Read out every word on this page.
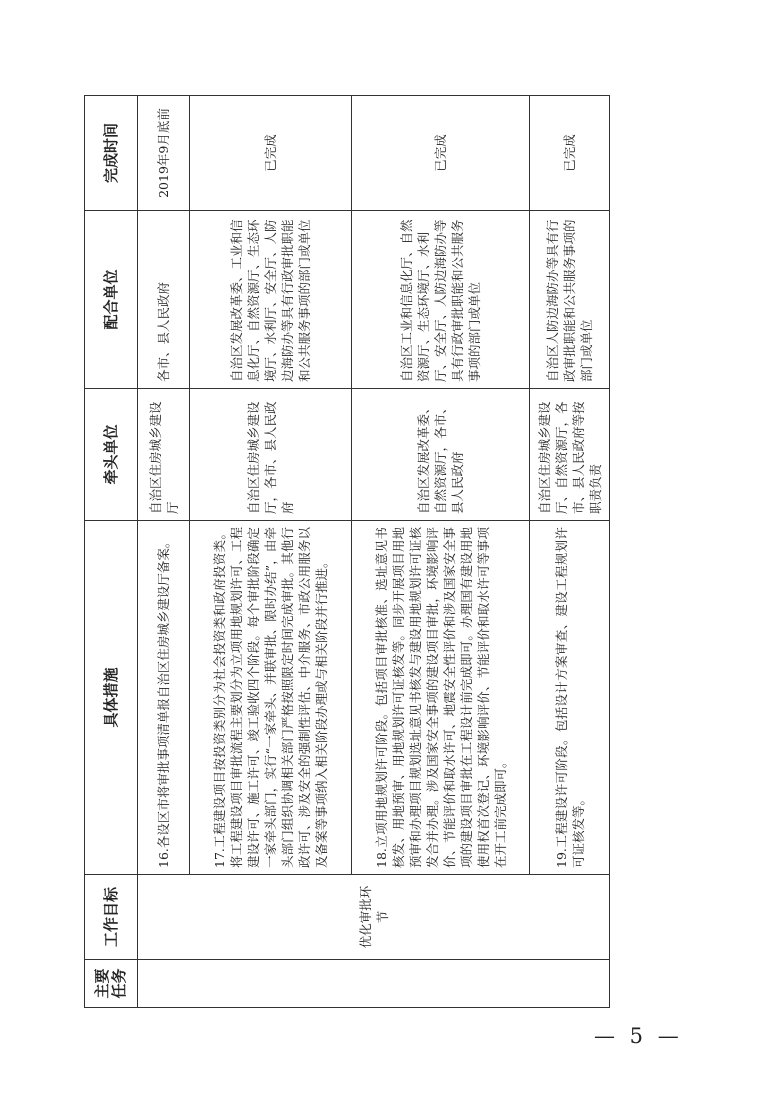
主要任务	工作目标	具体措施	牵头单位	配合单位	完成时间
	优化审批环节	16.各设区市将审批事项清单报自治区住房城乡建设厅备案。	自治区住房城乡建设厅	各市、县人民政府	2019年9月底前
		17.工程建设项目按投资类别分为社会投资类和政府投资类。将工程建设项目审批流程主要划分为立项用地规划许可、工程建设许可、施工许可、竣工验收四个阶段。每个审批阶段确定一家牵头部门，实行“一家牵头、并联审批、限时办结”，由牵头部门组织协调相关部门严格按照限定时间完成审批。其他行政许可、涉及安全的强制性评估、中介服务、市政公用服务以及备案等事项纳入相关阶段办理或与相关阶段并行推进。	自治区住房城乡建设厅，各市、县人民政府	自治区发展改革委、工业和信息化厅、自然资源厅、生态环境厅、水利厅、安全厅、人防边海防办等具有行政审批职能和公共服务事项的部门或单位	已完成
		18.立项用地规划许可阶段。包括项目审批核准、选址意见书核发、用地预审、用地规划许可证核发等。同步开展项目用地预审和办理项目规划选址意见书核发与建设用地规划许可证核发合并办理。涉及国家安全事项的建设项目审批，环境影响评价、节能评价和取水许可、地震安全性评价和涉及国家安全事项的建设项目审批在工程设计前完成即可。办理国有建设用地使用权首次登记、环境影响评价、节能评价和取水许可等事项在开工前完成即可。	自治区发展改革委、自然资源厅，各市、县人民政府	自治区工业和信息化厅、自然资源厅、生态环境厅、水利厅、安全厅、人防边海防办等具有行政审批职能和公共服务事项的部门或单位	已完成
		19.工程建设许可阶段。包括设计方案审查、建设工程规划许可证核发等。	自治区住房城乡建设厅、自然资源厅，各市、县人民政府等按职责负责	自治区人防边海防办等具有行政审批职能和公共服务事项的部门或单位	已完成
— 5 —
